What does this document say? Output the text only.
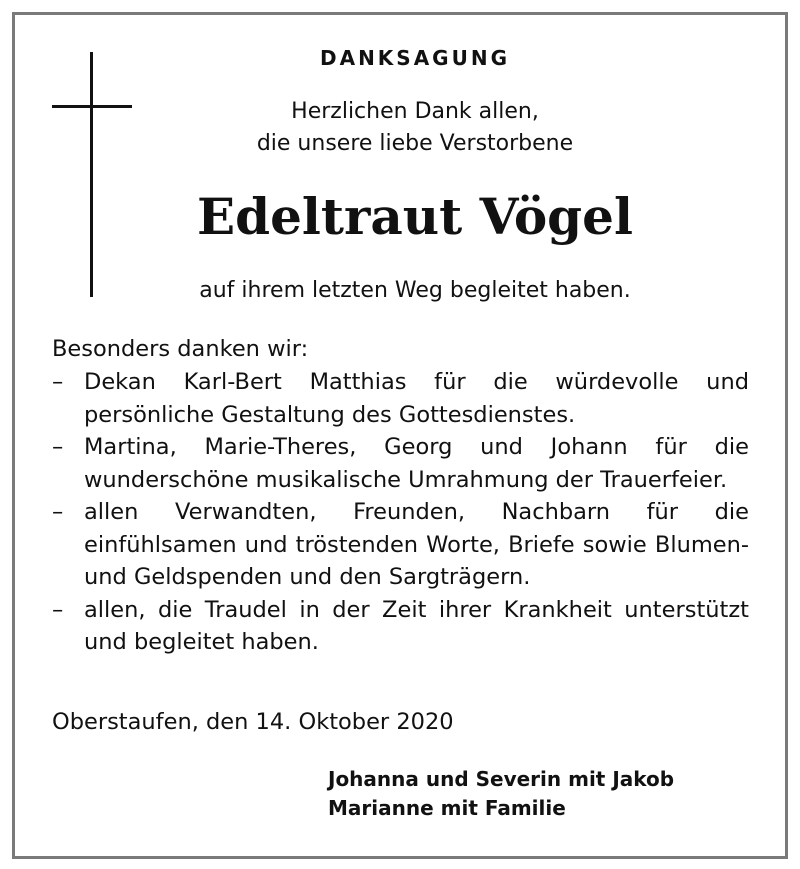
DANKSAGUNG
Herzlichen Dank allen,
die unsere liebe Verstorbene
Edeltraut Vögel
auf ihrem letzten Weg begleitet haben.
Besonders danken wir:
– Dekan Karl-Bert Matthias für die würdevolle und persönliche Gestaltung des Gottesdienstes.
– Martina, Marie-Theres, Georg und Johann für die wunderschöne musikalische Umrahmung der Trauerfeier.
– allen Verwandten, Freunden, Nachbarn für die einfühlsamen und tröstenden Worte, Briefe sowie Blumen- und Geldspenden und den Sargträgern.
– allen, die Traudel in der Zeit ihrer Krankheit unterstützt und begleitet haben.
Oberstaufen, den 14. Oktober 2020
Johanna und Severin mit Jakob
Marianne mit Familie
